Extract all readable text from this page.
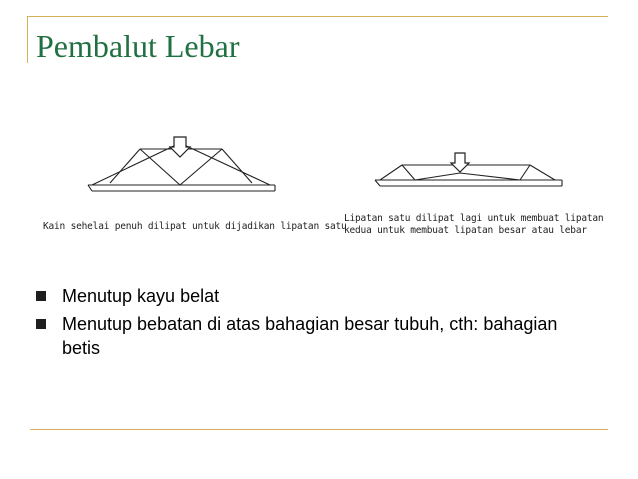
Pembalut Lebar
Kain sehelai penuh dilipat untuk dijadikan lipatan satu
Lipatan satu dilipat lagi untuk membuat lipatan kedua untuk membuat lipatan besar atau lebar
Menutup kayu belat
Menutup bebatan di atas bahagian besar tubuh, cth: bahagian betis
